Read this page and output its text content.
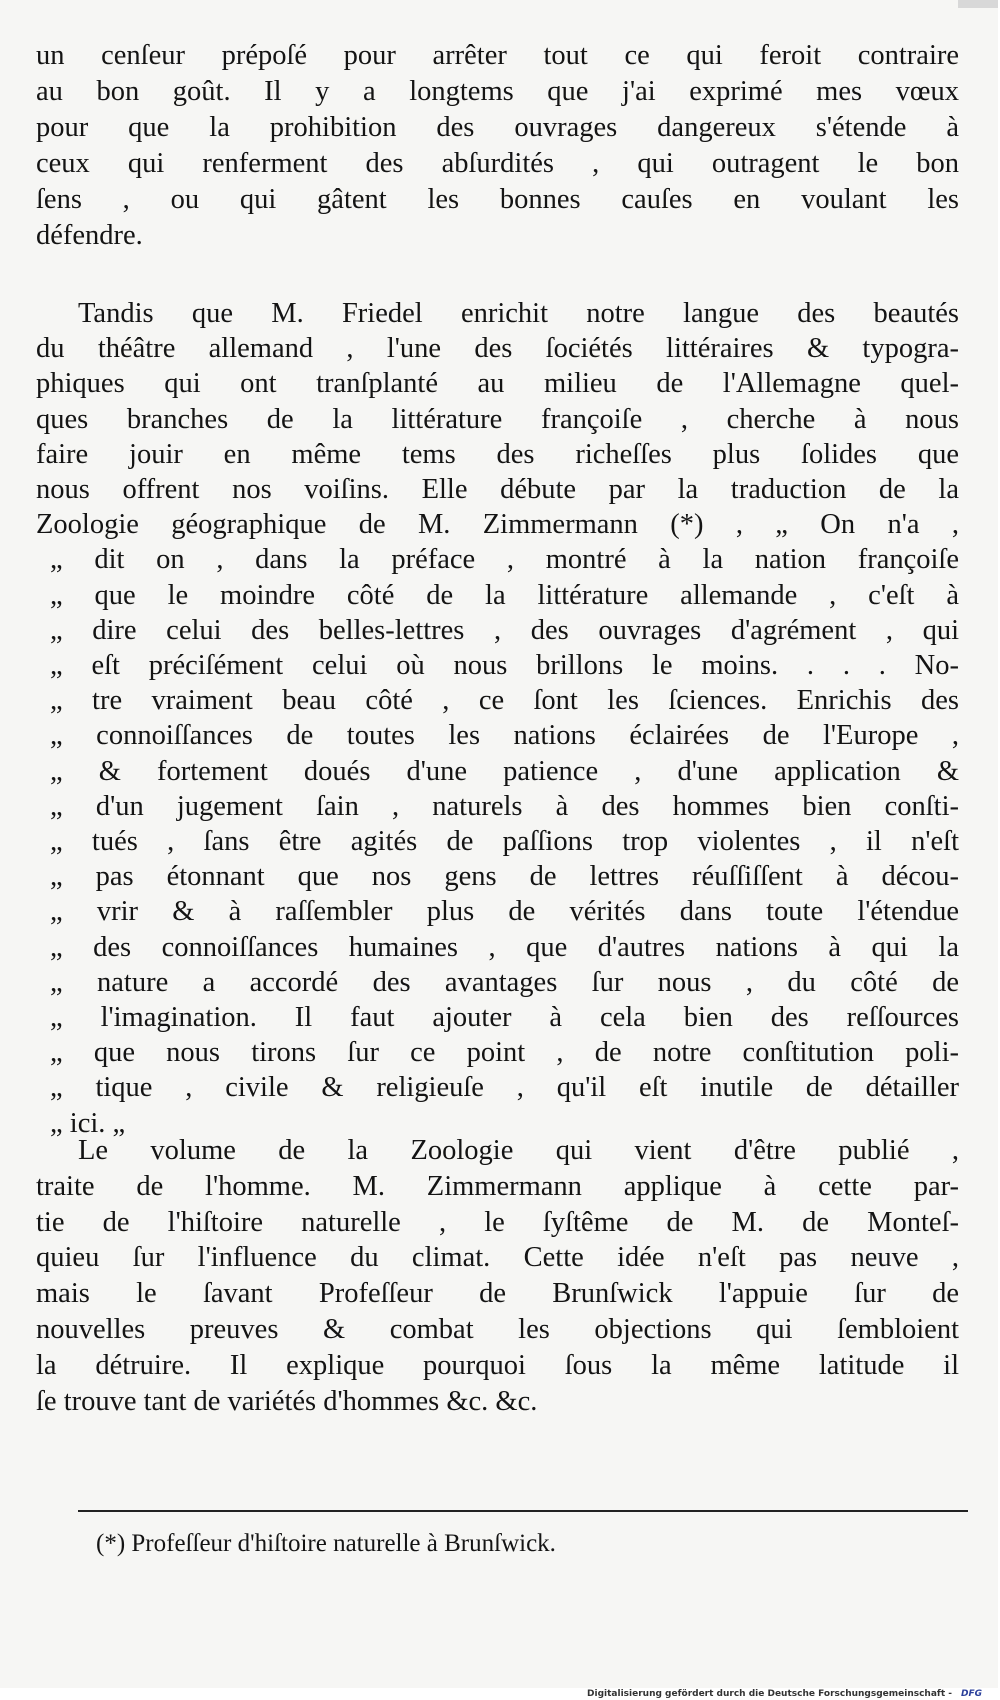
un cenſeur prépoſé pour arrêter tout ce qui feroit contraire
au bon goût. Il y a longtems que j'ai exprimé mes vœux
pour que la prohibition des ouvrages dangereux s'étende à
ceux qui renferment des abſurdités , qui outragent le bon
ſens , ou qui gâtent les bonnes cauſes en voulant les
défendre.
Tandis que M. Friedel enrichit notre langue des beautés
du théâtre allemand , l'une des ſociétés littéraires & typogra-
phiques qui ont tranſplanté au milieu de l'Allemagne quel-
ques branches de la littérature françoiſe , cherche à nous
faire jouir en même tems des richeſſes plus ſolides que
nous offrent nos voiſins. Elle débute par la traduction de la
Zoologie géographique de M. Zimmermann (*) , „ On n'a ,
„ dit on , dans la préface , montré à la nation françoiſe
„ que le moindre côté de la littérature allemande , c'eſt à
„ dire celui des belles-lettres , des ouvrages d'agrément , qui
„ eſt préciſément celui où nous brillons le moins. . . . No-
„ tre vraiment beau côté , ce ſont les ſciences. Enrichis des
„ connoiſſances de toutes les nations éclairées de l'Europe ,
„ & fortement doués d'une patience , d'une application &
„ d'un jugement ſain , naturels à des hommes bien conſti-
„ tués , ſans être agités de paſſions trop violentes , il n'eſt
„ pas étonnant que nos gens de lettres réuſſiſſent à décou-
„ vrir & à raſſembler plus de vérités dans toute l'étendue
„ des connoiſſances humaines , que d'autres nations à qui la
„ nature a accordé des avantages ſur nous , du côté de
„ l'imagination. Il faut ajouter à cela bien des reſſources
„ que nous tirons ſur ce point , de notre conſtitution poli-
„ tique , civile & religieuſe , qu'il eſt inutile de détailler
„ ici. „
Le volume de la Zoologie qui vient d'être publié ,
traite de l'homme. M. Zimmermann applique à cette par-
tie de l'hiſtoire naturelle , le ſyſtême de M. de Monteſ-
quieu ſur l'influence du climat. Cette idée n'eſt pas neuve ,
mais le ſavant Profeſſeur de Brunſwick l'appuie ſur de
nouvelles preuves & combat les objections qui ſembloient
la détruire. Il explique pourquoi ſous la même latitude il
ſe trouve tant de variétés d'hommes &c. &c.
(*) Profeſſeur d'hiſtoire naturelle à Brunſwick.
Digitalisierung gefördert durch die Deutsche Forschungsgemeinschaft - DFG
